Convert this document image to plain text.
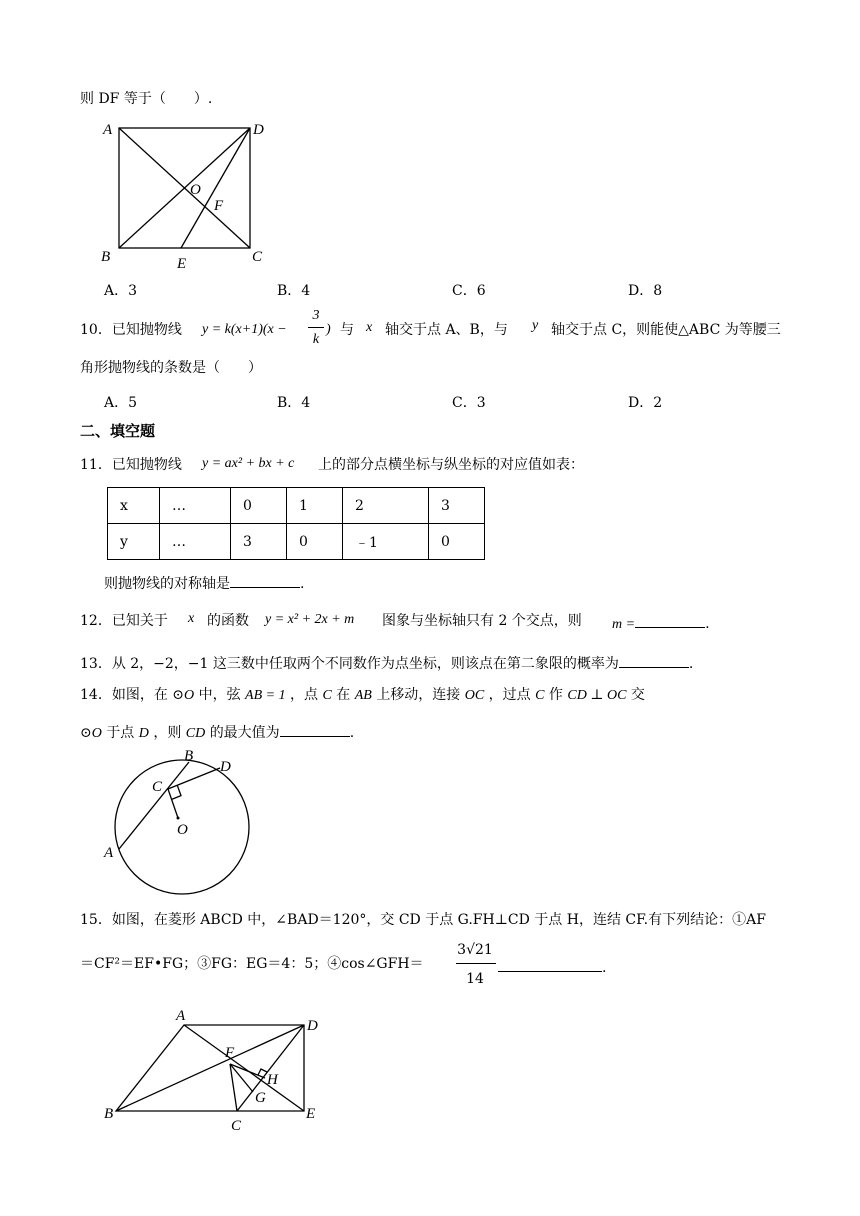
则 DF 等于（　　）.
A	D
B	C
O
F
E
A．3	B．4	C．6	D．8
10．已知抛物线 y = k(x+1)(x −
3
k
) 与 x 轴交于点 A、B，与 y 轴交于点 C，则能使△ABC 为等腰三
角形抛物线的条数是（　　）
A．5	B．4	C．3	D．2
二、填空题
11．已知抛物线 y = ax² + bx + c 上的部分点横坐标与纵坐标的对应值如表：
x	…	0	1	2	3
y	…	3	0	﹣1	0
则抛物线的对称轴是	.
12．已知关于 x 的函数 y = x² + 2x + m 图象与坐标轴只有 2 个交点，则 m =	.
13．从 2，−2，−1 这三数中任取两个不同数作为点坐标，则该点在第二象限的概率为	.
14．如图，在 ⊙O 中，弦 AB = 1 ，点 C 在 AB 上移动，连接 OC ，过点 C 作 CD ⊥ OC 交
⊙O 于点 D ，则 CD 的最大值为	.
B
D
C
O
A
15．如图，在菱形 ABCD 中，∠BAD＝120°，交 CD 于点 G.FH⊥CD 于点 H，连结 CF.有下列结论：①AF
＝CF²＝EF•FG；③FG：EG＝4：5；④cos∠GFH＝
3√21
14
.
A
D
F
H
G
B
C
E
